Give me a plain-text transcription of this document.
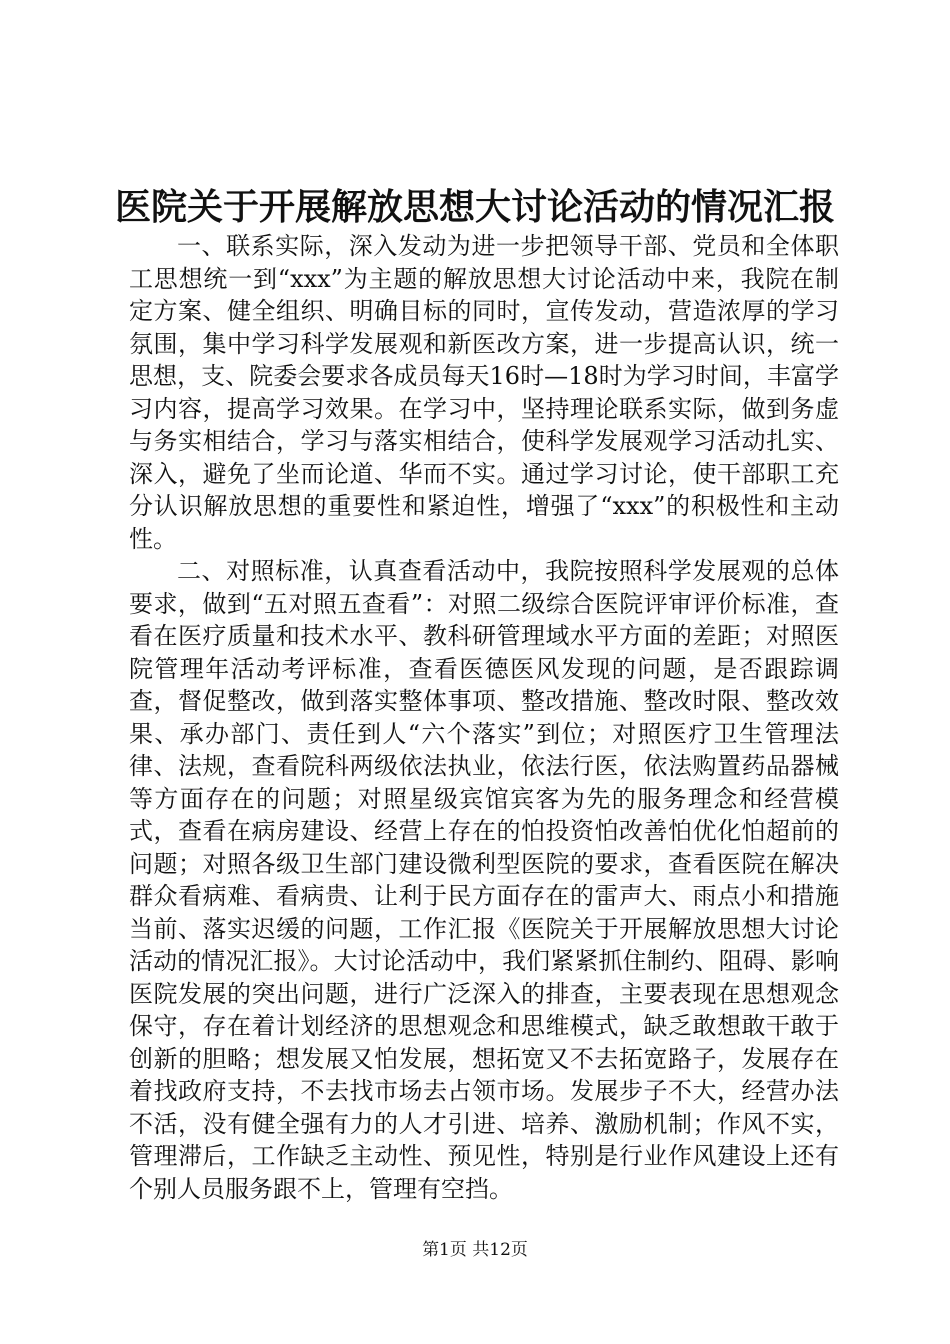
医院关于开展解放思想大讨论活动的情况汇报

一、联系实际，深入发动为进一步把领导干部、党员和全体职工思想统一到“xxx”为主题的解放思想大讨论活动中来，我院在制定方案、健全组织、明确目标的同时，宣传发动，营造浓厚的学习氛围，集中学习科学发展观和新医改方案，进一步提高认识，统一思想，支、院委会要求各成员每天16时—18时为学习时间，丰富学习内容，提高学习效果。在学习中，坚持理论联系实际，做到务虚与务实相结合，学习与落实相结合，使科学发展观学习活动扎实、深入，避免了坐而论道、华而不实。通过学习讨论，使干部职工充分认识解放思想的重要性和紧迫性，增强了“xxx”的积极性和主动性。

二、对照标准，认真查看活动中，我院按照科学发展观的总体要求，做到“五对照五查看”：对照二级综合医院评审评价标准，查看在医疗质量和技术水平、教科研管理域水平方面的差距；对照医院管理年活动考评标准，查看医德医风发现的问题，是否跟踪调查，督促整改，做到落实整体事项、整改措施、整改时限、整改效果、承办部门、责任到人“六个落实”到位；对照医疗卫生管理法律、法规，查看院科两级依法执业，依法行医，依法购置药品器械等方面存在的问题；对照星级宾馆宾客为先的服务理念和经营模式，查看在病房建设、经营上存在的怕投资怕改善怕优化怕超前的问题；对照各级卫生部门建设微利型医院的要求，查看医院在解决群众看病难、看病贵、让利于民方面存在的雷声大、雨点小和措施当前、落实迟缓的问题，工作汇报《医院关于开展解放思想大讨论活动的情况汇报》。大讨论活动中，我们紧紧抓住制约、阻碍、影响医院发展的突出问题，进行广泛深入的排查，主要表现在思想观念保守，存在着计划经济的思想观念和思维模式，缺乏敢想敢干敢于创新的胆略；想发展又怕发展，想拓宽又不去拓宽路子，发展存在着找政府支持，不去找市场去占领市场。发展步子不大，经营办法不活，没有健全强有力的人才引进、培养、激励机制；作风不实，管理滞后，工作缺乏主动性、预见性，特别是行业作风建设上还有个别人员服务跟不上，管理有空挡。

第1页 共12页
